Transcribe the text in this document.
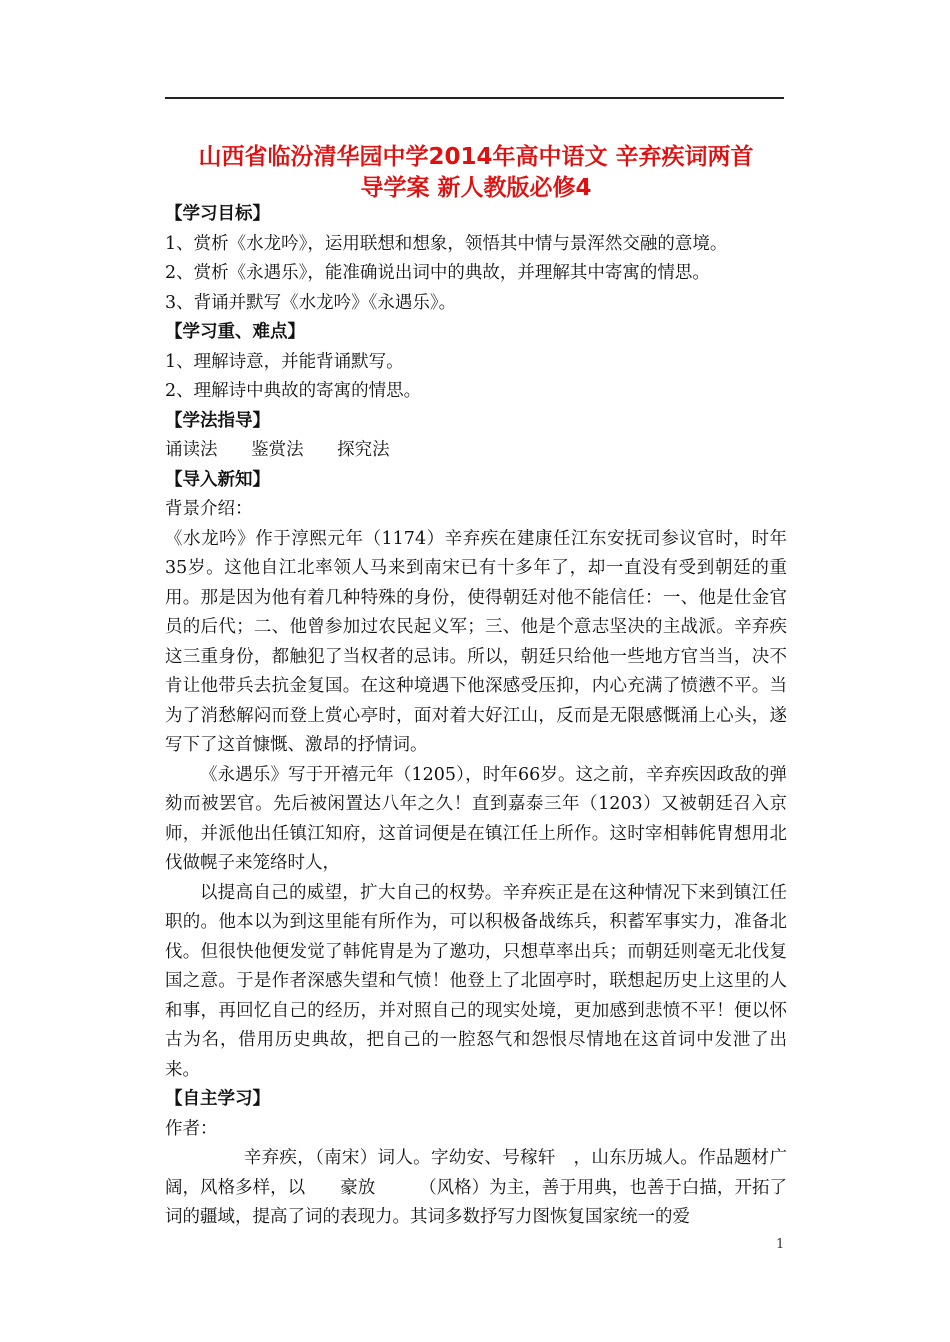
山西省临汾清华园中学2014年高中语文 辛弃疾词两首
导学案 新人教版必修4

【学习目标】

1、赏析《水龙吟》，运用联想和想象，领悟其中情与景浑然交融的意境。

2、赏析《永遇乐》，能准确说出词中的典故，并理解其中寄寓的情思。

3、背诵并默写《水龙吟》《永遇乐》。

【学习重、难点】

1、理解诗意，并能背诵默写。

2、理解诗中典故的寄寓的情思。

【学法指导】

诵读法 鉴赏法 探究法

【导入新知】

背景介绍：

《水龙吟》作于淳熙元年（1174）辛弃疾在建康任江东安抚司参议官时，时年35岁。这他自江北率领人马来到南宋已有十多年了，却一直没有受到朝廷的重用。那是因为他有着几种特殊的身份，使得朝廷对他不能信任：一、他是仕金官员的后代；二、他曾参加过农民起义军；三、他是个意志坚决的主战派。辛弃疾这三重身份，都触犯了当权者的忌讳。所以，朝廷只给他一些地方官当当，决不肯让他带兵去抗金复国。在这种境遇下他深感受压抑，内心充满了愤懑不平。当为了消愁解闷而登上赏心亭时，面对着大好江山，反而是无限感慨涌上心头，遂写下了这首慷慨、激昂的抒情词。

《永遇乐》写于开禧元年（1205），时年66岁。这之前，辛弃疾因政敌的弹劾而被罢官。先后被闲置达八年之久！直到嘉泰三年（1203）又被朝廷召入京师，并派他出任镇江知府，这首词便是在镇江任上所作。这时宰相韩侂胄想用北伐做幌子来笼络时人，

以提高自己的威望，扩大自己的权势。辛弃疾正是在这种情况下来到镇江任职的。他本以为到这里能有所作为，可以积极备战练兵，积蓄军事实力，准备北伐。但很快他便发觉了韩侂胄是为了邀功，只想草率出兵；而朝廷则毫无北伐复国之意。于是作者深感失望和气愤！他登上了北固亭时，联想起历史上这里的人和事，再回忆自己的经历，并对照自己的现实处境，更加感到悲愤不平！便以怀古为名，借用历史典故，把自己的一腔怒气和怨恨尽情地在这首词中发泄了出来。

【自主学习】

作者：

辛弃疾，（南宋）词人。字幼安、号稼轩　，山东历城人。作品题材广阔，风格多样，以　　豪放　　　（风格）为主，善于用典，也善于白描，开拓了词的疆域，提高了词的表现力。其词多数抒写力图恢复国家统一的爱

1
